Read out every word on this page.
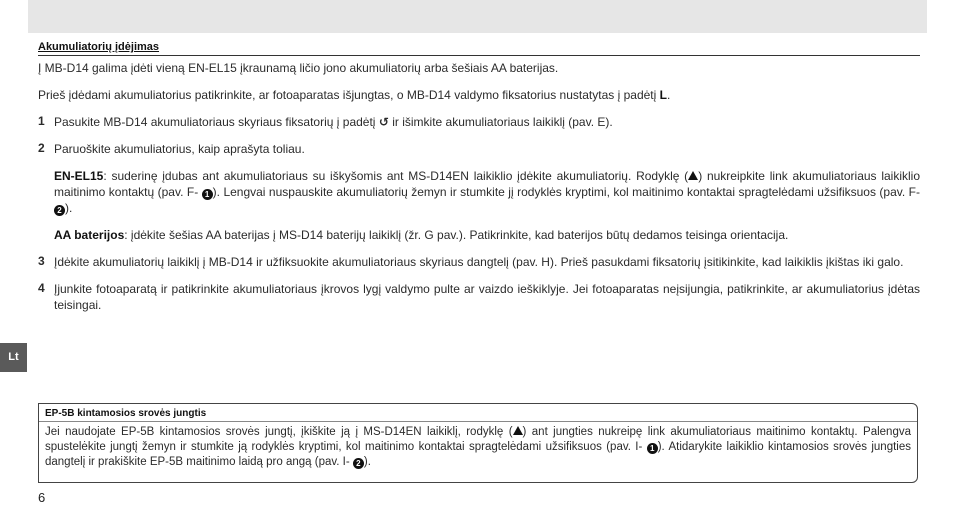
Akumuliatorių įdėjimas

Į MB-D14 galima įdėti vieną EN-EL15 įkraunamą ličio jono akumuliatorių arba šešiais AA baterijas.

Prieš įdėdami akumuliatorius patikrinkite, ar fotoaparatas išjungtas, o MB-D14 valdymo fiksatorius nustatytas į padėtį L.

1 Pasukite MB-D14 akumuliatoriaus skyriaus fiksatorių į padėtį ↺ ir išimkite akumuliatoriaus laikiklį (pav. E).

2 Paruoškite akumuliatorius, kaip aprašyta toliau.

EN-EL15: suderinę įdubas ant akumuliatoriaus su iškyšomis ant MS-D14EN laikiklio įdėkite akumuliatorių. Rodyklę ( ) nukreipkite link akumuliatoriaus laikiklio maitinimo kontaktų (pav. F- 1 ). Lengvai nuspauskite akumuliatorių žemyn ir stumkite jį rodyklės kryptimi, kol maitinimo kontaktai spragtelėdami užsifiksuos (pav. F- 2 ).

AA baterijos: įdėkite šešias AA baterijas į MS-D14 baterijų laikiklį (žr. G pav.). Patikrinkite, kad baterijos būtų dedamos teisinga orientacija.

3 Įdėkite akumuliatorių laikiklį į MB-D14 ir užfiksuokite akumuliatoriaus skyriaus dangtelį (pav. H). Prieš pasukdami fiksatorių įsitikinkite, kad laikiklis įkištas iki galo.

4 Įjunkite fotoaparatą ir patikrinkite akumuliatoriaus įkrovos lygį valdymo pulte ar vaizdo ieškiklyje. Jei fotoaparatas neįsijungia, patikrinkite, ar akumuliatorius įdėtas teisingai.

Lt
EP-5B kintamosios srovės jungtis

Jei naudojate EP-5B kintamosios srovės jungtį, įkiškite ją į MS-D14EN laikiklį, rodyklę ( ) ant jungties nukreipę link akumuliatoriaus maitinimo kontaktų. Palengva spustelėkite jungtį žemyn ir stumkite ją rodyklės kryptimi, kol maitinimo kontaktai spragtelėdami užsifiksuos (pav. I- 1 ). Atidarykite laikiklio kintamosios srovės jungties dangtelį ir prakiškite EP-5B maitinimo laidą pro angą (pav. I- 2 ).

6
